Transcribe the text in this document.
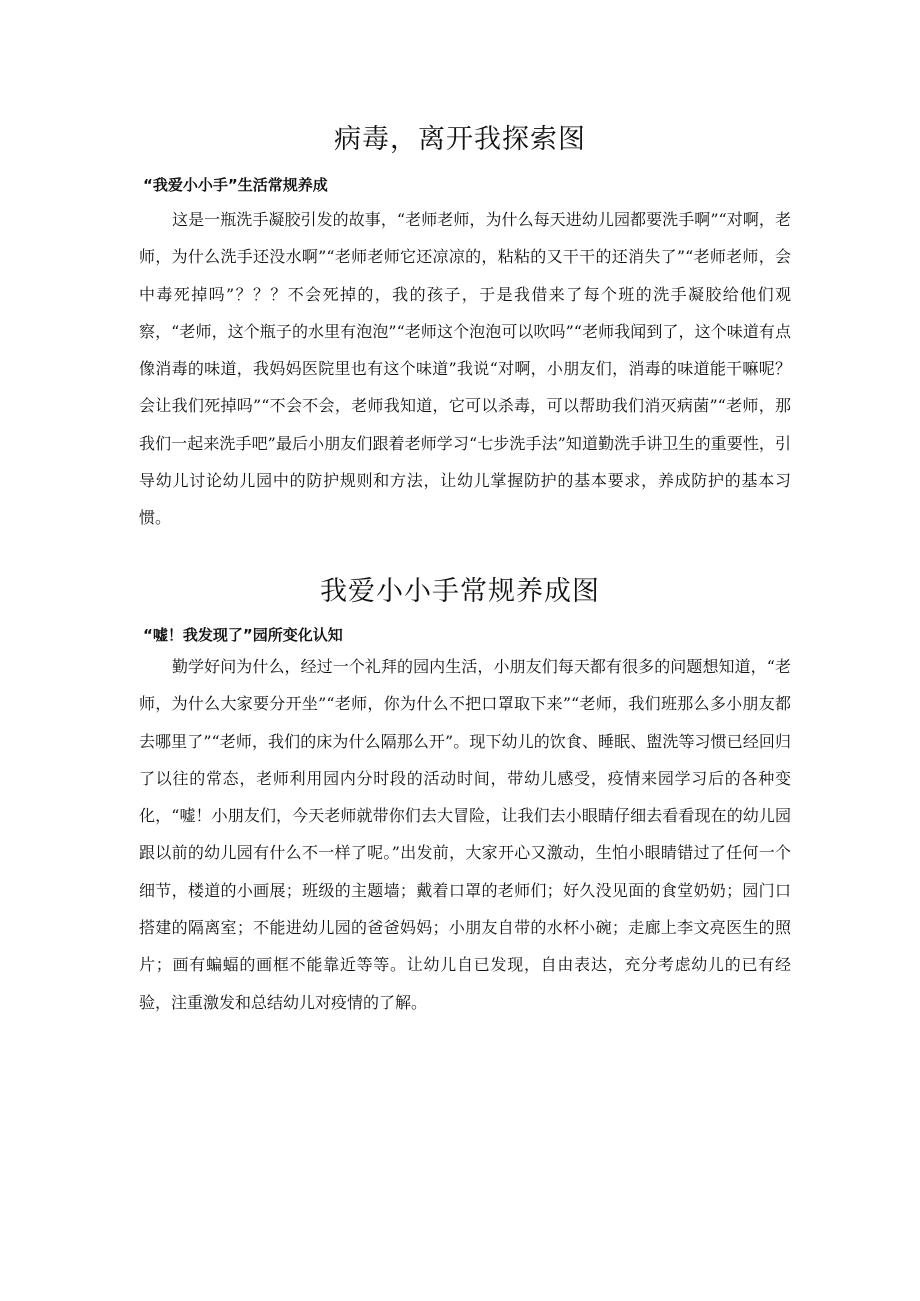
病毒，离开我探索图

“我爱小小手”生活常规养成

这是一瓶洗手凝胶引发的故事，“老师老师，为什么每天进幼儿园都要洗手啊”“对啊，老师，为什么洗手还没水啊”“老师老师它还凉凉的，粘粘的又干干的还消失了”“老师老师，会中毒死掉吗”？？？不会死掉的，我的孩子，于是我借来了每个班的洗手凝胶给他们观察，“老师，这个瓶子的水里有泡泡”“老师这个泡泡可以吹吗”“老师我闻到了，这个味道有点像消毒的味道，我妈妈医院里也有这个味道”我说“对啊，小朋友们，消毒的味道能干嘛呢？会让我们死掉吗”“不会不会，老师我知道，它可以杀毒，可以帮助我们消灭病菌”“老师，那我们一起来洗手吧”最后小朋友们跟着老师学习“七步洗手法”知道勤洗手讲卫生的重要性，引导幼儿讨论幼儿园中的防护规则和方法，让幼儿掌握防护的基本要求，养成防护的基本习惯。

我爱小小手常规养成图

“嘘！我发现了”园所变化认知

勤学好问为什么，经过一个礼拜的园内生活，小朋友们每天都有很多的问题想知道，“老师，为什么大家要分开坐”“老师，你为什么不把口罩取下来”“老师，我们班那么多小朋友都去哪里了”“老师，我们的床为什么隔那么开”。现下幼儿的饮食、睡眠、盥洗等习惯已经回归了以往的常态，老师利用园内分时段的活动时间，带幼儿感受，疫情来园学习后的各种变化，“嘘！小朋友们，今天老师就带你们去大冒险，让我们去小眼睛仔细去看看现在的幼儿园跟以前的幼儿园有什么不一样了呢。”出发前，大家开心又激动，生怕小眼睛错过了任何一个细节，楼道的小画展；班级的主题墙；戴着口罩的老师们；好久没见面的食堂奶奶；园门口搭建的隔离室；不能进幼儿园的爸爸妈妈；小朋友自带的水杯小碗；走廊上李文亮医生的照片；画有蝙蝠的画框不能靠近等等。让幼儿自已发现，自由表达，充分考虑幼儿的已有经验，注重激发和总结幼儿对疫情的了解。
